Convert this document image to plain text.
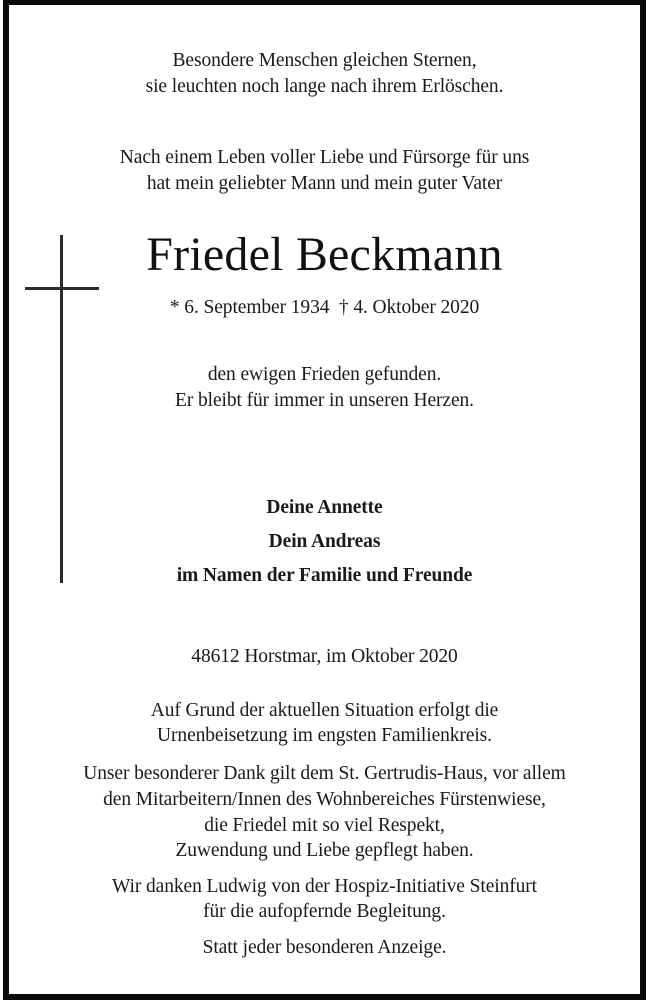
Besondere Menschen gleichen Sternen,
sie leuchten noch lange nach ihrem Erlöschen.
Nach einem Leben voller Liebe und Fürsorge für uns
hat mein geliebter Mann und mein guter Vater
Friedel Beckmann
* 6. September 1934  † 4. Oktober 2020
den ewigen Frieden gefunden.
Er bleibt für immer in unseren Herzen.
Deine Annette
Dein Andreas
im Namen der Familie und Freunde
48612 Horstmar, im Oktober 2020
Auf Grund der aktuellen Situation erfolgt die
Urnenbeisetzung im engsten Familienkreis.
Unser besonderer Dank gilt dem St. Gertrudis-Haus, vor allem
den Mitarbeitern/Innen des Wohnbereiches Fürstenwiese,
die Friedel mit so viel Respekt,
Zuwendung und Liebe gepflegt haben.
Wir danken Ludwig von der Hospiz-Initiative Steinfurt
für die aufopfernde Begleitung.
Statt jeder besonderen Anzeige.
